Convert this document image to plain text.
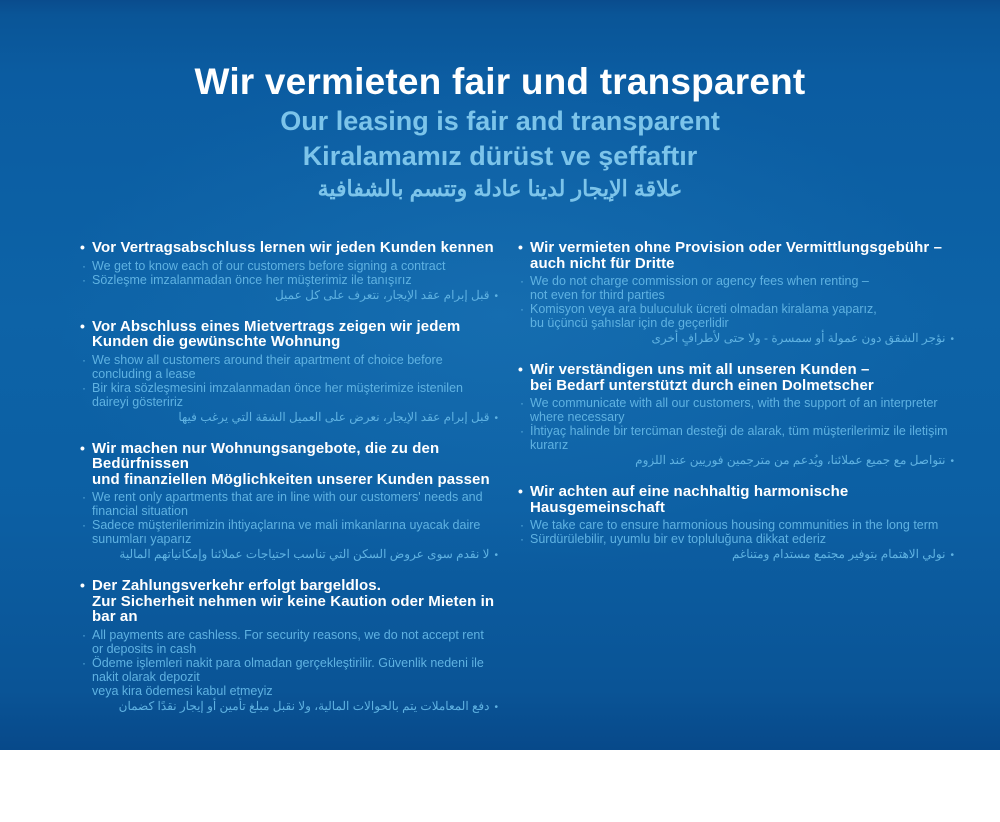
Wir vermieten fair und transparent
Our leasing is fair and transparent
Kiralamamız dürüst ve şeffaftır
علاقة الإيجار لدينا عادلة وتتسم بالشفافية
• Vor Vertragsabschluss lernen wir jeden Kunden kennen
· We get to know each of our customers before signing a contract
· Sözleşme imzalanmadan önce her müşterimiz ile tanışırız
•قبل إبرام عقد الإيجار، نتعرف على كل عميل
• Vor Abschluss eines Mietvertrags zeigen wir jedem
Kunden die gewünschte Wohnung
· We show all customers around their apartment of choice before concluding a lease
· Bir kira sözleşmesini imzalanmadan önce her müşterimize istenilen daireyi gösteririz
•قبل إبرام عقد الإيجار، نعرض على العميل الشقة التي يرغب فيها
• Wir machen nur Wohnungsangebote, die zu den Bedürfnissen
und finanziellen Möglichkeiten unserer Kunden passen
· We rent only apartments that are in line with our customers' needs and financial situation
· Sadece müşterilerimizin ihtiyaçlarına ve mali imkanlarına uyacak daire sunumları yaparız
•لا نقدم سوى عروض السكن التي تناسب احتياجات عملائنا وإمكانياتهم المالية
• Der Zahlungsverkehr erfolgt bargeldlos.
Zur Sicherheit nehmen wir keine Kaution oder Mieten in bar an
· All payments are cashless. For security reasons, we do not accept rent or deposits in cash
· Ödeme işlemleri nakit para olmadan gerçekleştirilir. Güvenlik nedeni ile nakit olarak depozit
veya kira ödemesi kabul etmeyiz
•دفع المعاملات يتم بالحوالات المالية، ولا نقبل مبلغ تأمين أو إيجار نقدًا كضمان
• Wir vermieten ohne Provision oder Vermittlungsgebühr –
auch nicht für Dritte
· We do not charge commission or agency fees when renting –
not even for third parties
· Komisyon veya ara buluculuk ücreti olmadan kiralama yaparız,
bu üçüncü şahıslar için de geçerlidir
•نؤجر الشقق دون عمولة أو سمسرة - ولا حتى لأطرافٍ أخرى
• Wir verständigen uns mit all unseren Kunden –
bei Bedarf unterstützt durch einen Dolmetscher
· We communicate with all our customers, with the support of an interpreter
where necessary
· İhtiyaç halinde bir tercüman desteği de alarak, tüm müşterilerimiz ile iletişim kurarız
•نتواصل مع جميع عملائنا، ويُدعم من مترجمين فوريين عند اللزوم
• Wir achten auf eine nachhaltig harmonische
Hausgemeinschaft
· We take care to ensure harmonious housing communities in the long term
· Sürdürülebilir, uyumlu bir ev topluluğuna dikkat ederiz
•نولي الاهتمام بتوفير مجتمع مستدام ومتناغم
